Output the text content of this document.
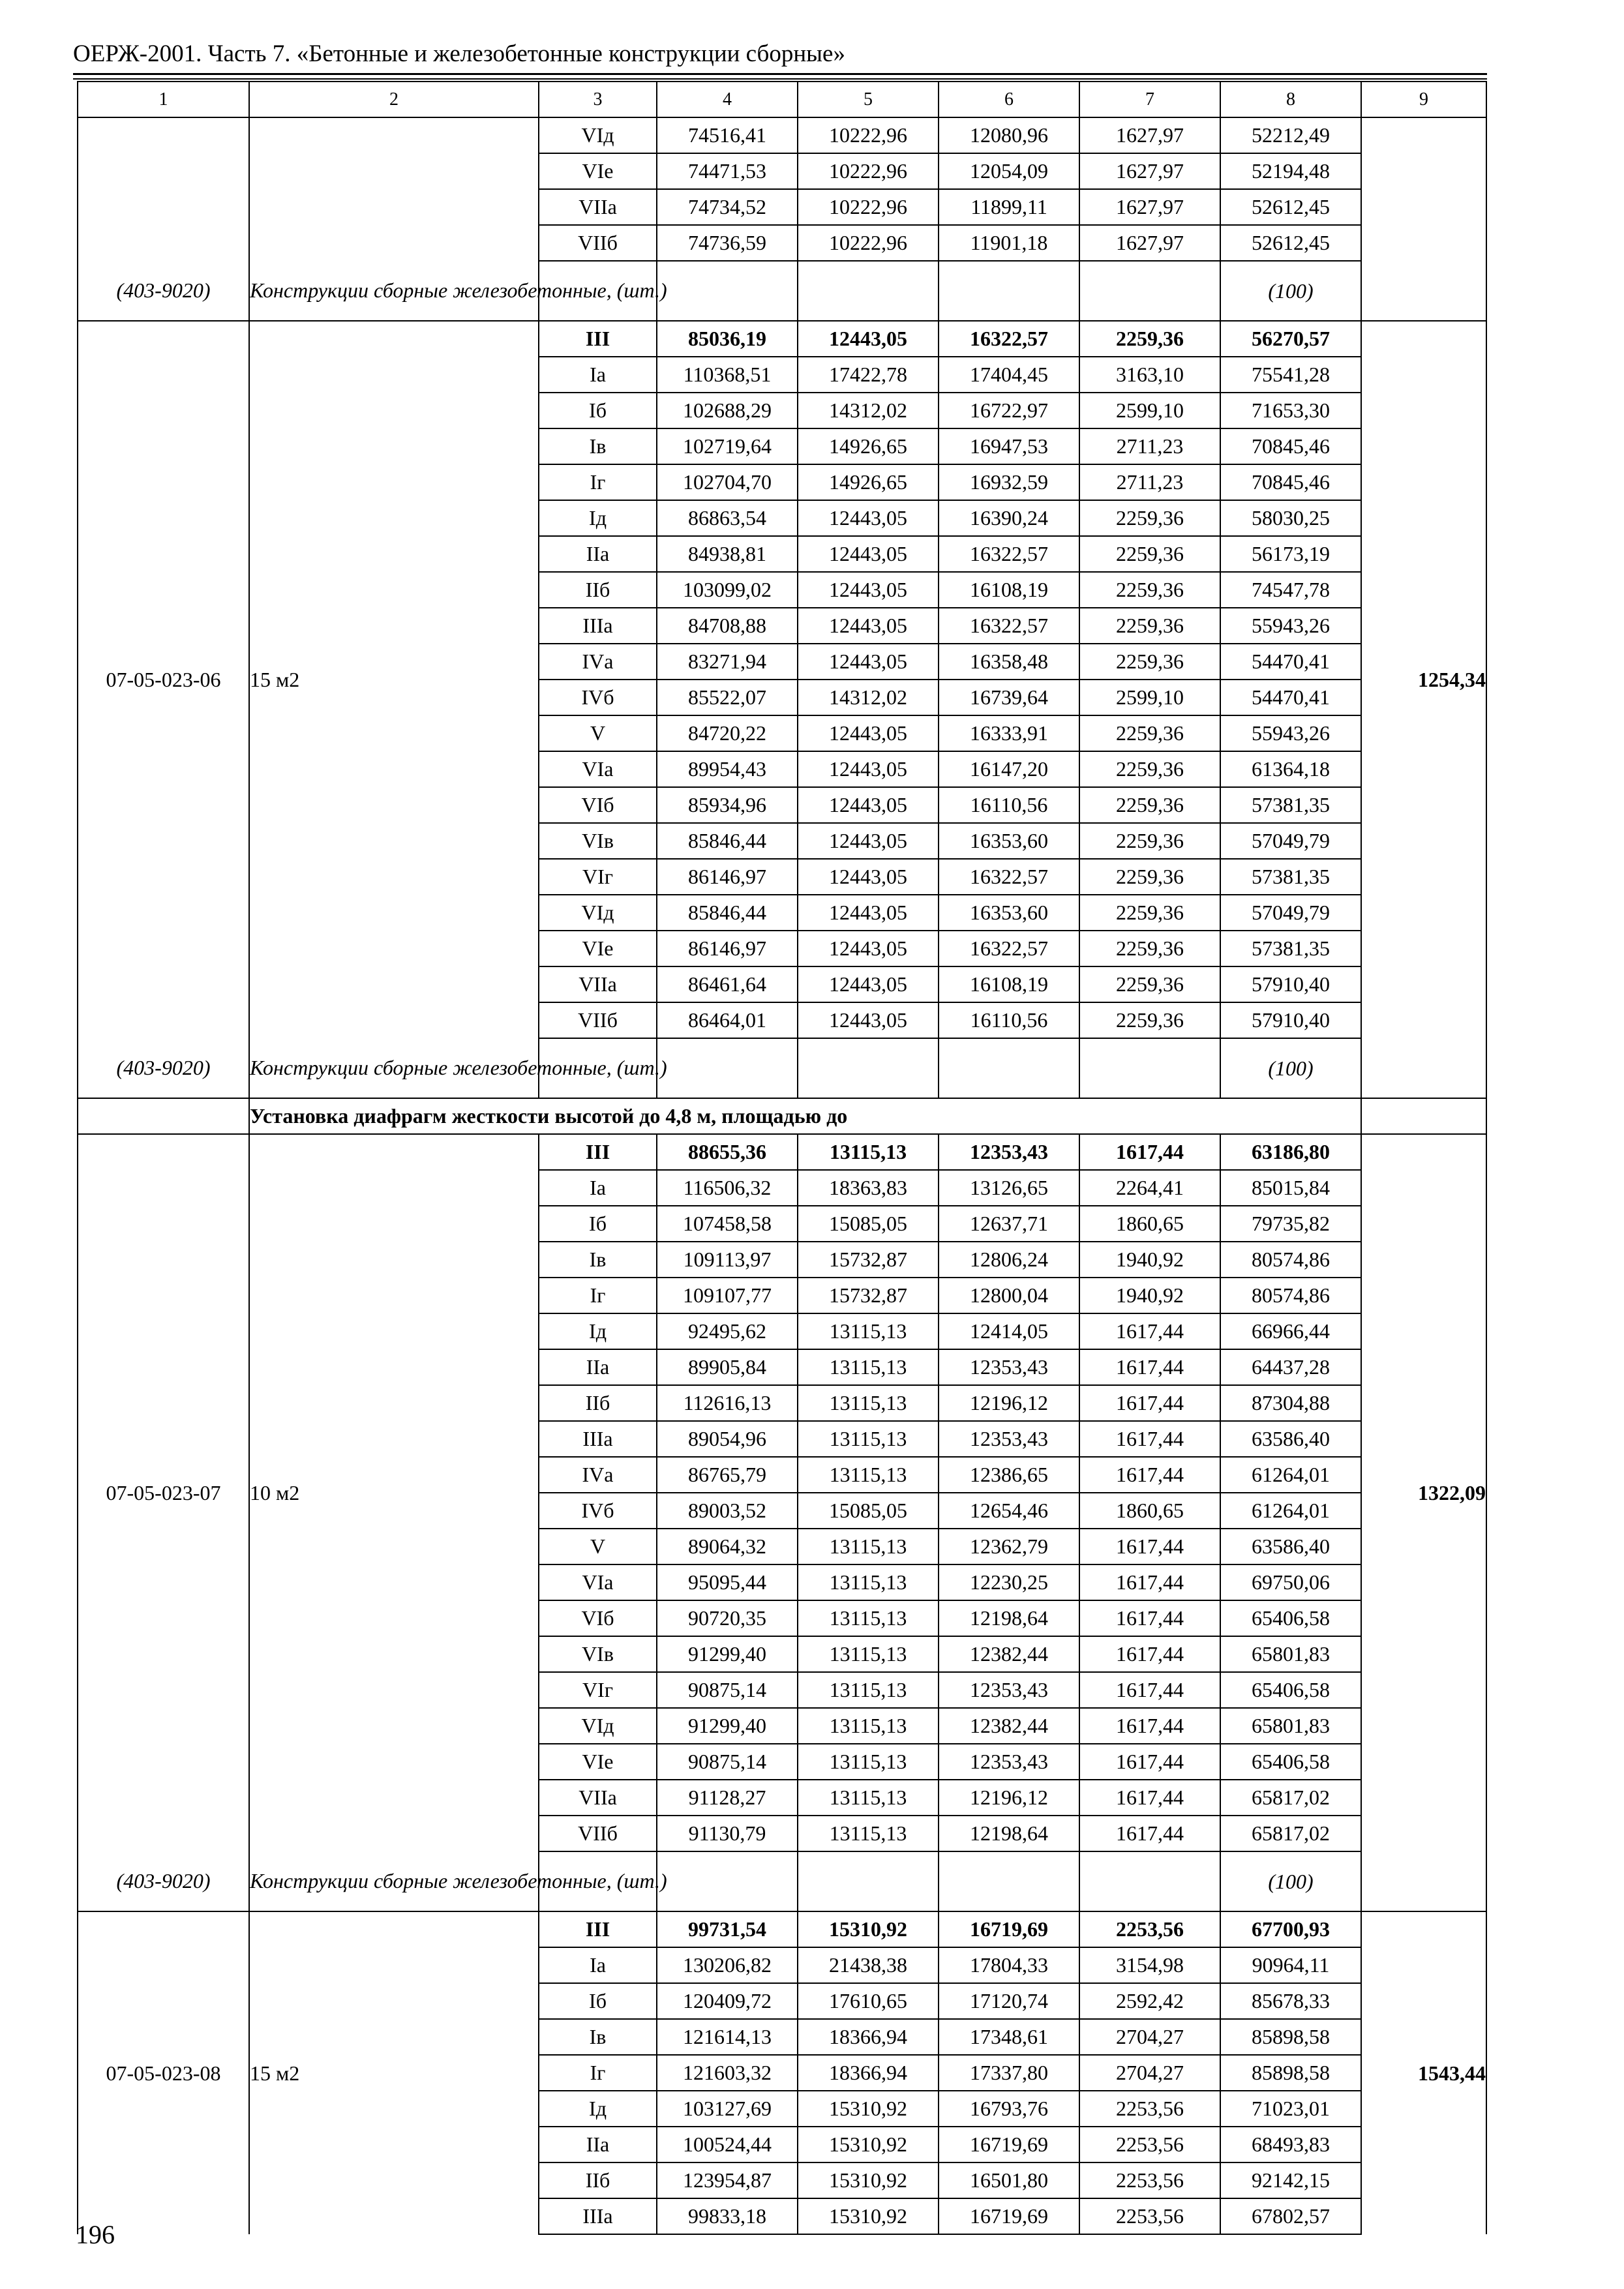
ОЕРЖ-2001. Часть 7. «Бетонные и железобетонные конструкции сборные»
1	2	3	4	5	6	7	8	9
		VIд	74516,41	10222,96	12080,96	1627,97	52212,49	
		VIе	74471,53	10222,96	12054,09	1627,97	52194,48	
		VIIа	74734,52	10222,96	11899,11	1627,97	52612,45	
		VIIб	74736,59	10222,96	11901,18	1627,97	52612,45	
(403-9020)	Конструкции сборные железобетонные, (шт.)						(100)	
07-05-023-06	15 м2	III	85036,19	12443,05	16322,57	2259,36	56270,57	1254,34
		Iа	110368,51	17422,78	17404,45	3163,10	75541,28	
		Iб	102688,29	14312,02	16722,97	2599,10	71653,30	
		Iв	102719,64	14926,65	16947,53	2711,23	70845,46	
		Iг	102704,70	14926,65	16932,59	2711,23	70845,46	
		Iд	86863,54	12443,05	16390,24	2259,36	58030,25	
		IIа	84938,81	12443,05	16322,57	2259,36	56173,19	
		IIб	103099,02	12443,05	16108,19	2259,36	74547,78	
		IIIа	84708,88	12443,05	16322,57	2259,36	55943,26	
		IVа	83271,94	12443,05	16358,48	2259,36	54470,41	
		IVб	85522,07	14312,02	16739,64	2599,10	54470,41	
		V	84720,22	12443,05	16333,91	2259,36	55943,26	
		VIа	89954,43	12443,05	16147,20	2259,36	61364,18	
		VIб	85934,96	12443,05	16110,56	2259,36	57381,35	
		VIв	85846,44	12443,05	16353,60	2259,36	57049,79	
		VIг	86146,97	12443,05	16322,57	2259,36	57381,35	
		VIд	85846,44	12443,05	16353,60	2259,36	57049,79	
		VIе	86146,97	12443,05	16322,57	2259,36	57381,35	
		VIIа	86461,64	12443,05	16108,19	2259,36	57910,40	
		VIIб	86464,01	12443,05	16110,56	2259,36	57910,40	
(403-9020)	Конструкции сборные железобетонные, (шт.)						(100)	
	Установка диафрагм жесткости высотой до 4,8 м, площадью до							
07-05-023-07	10 м2	III	88655,36	13115,13	12353,43	1617,44	63186,80	1322,09
		Iа	116506,32	18363,83	13126,65	2264,41	85015,84	
		Iб	107458,58	15085,05	12637,71	1860,65	79735,82	
		Iв	109113,97	15732,87	12806,24	1940,92	80574,86	
		Iг	109107,77	15732,87	12800,04	1940,92	80574,86	
		Iд	92495,62	13115,13	12414,05	1617,44	66966,44	
		IIа	89905,84	13115,13	12353,43	1617,44	64437,28	
		IIб	112616,13	13115,13	12196,12	1617,44	87304,88	
		IIIа	89054,96	13115,13	12353,43	1617,44	63586,40	
		IVа	86765,79	13115,13	12386,65	1617,44	61264,01	
		IVб	89003,52	15085,05	12654,46	1860,65	61264,01	
		V	89064,32	13115,13	12362,79	1617,44	63586,40	
		VIа	95095,44	13115,13	12230,25	1617,44	69750,06	
		VIб	90720,35	13115,13	12198,64	1617,44	65406,58	
		VIв	91299,40	13115,13	12382,44	1617,44	65801,83	
		VIг	90875,14	13115,13	12353,43	1617,44	65406,58	
		VIд	91299,40	13115,13	12382,44	1617,44	65801,83	
		VIе	90875,14	13115,13	12353,43	1617,44	65406,58	
		VIIа	91128,27	13115,13	12196,12	1617,44	65817,02	
		VIIб	91130,79	13115,13	12198,64	1617,44	65817,02	
(403-9020)	Конструкции сборные железобетонные, (шт.)						(100)	
07-05-023-08	15 м2	III	99731,54	15310,92	16719,69	2253,56	67700,93	1543,44
		Iа	130206,82	21438,38	17804,33	3154,98	90964,11	
		Iб	120409,72	17610,65	17120,74	2592,42	85678,33	
		Iв	121614,13	18366,94	17348,61	2704,27	85898,58	
		Iг	121603,32	18366,94	17337,80	2704,27	85898,58	
		Iд	103127,69	15310,92	16793,76	2253,56	71023,01	
		IIа	100524,44	15310,92	16719,69	2253,56	68493,83	
		IIб	123954,87	15310,92	16501,80	2253,56	92142,15	
		IIIа	99833,18	15310,92	16719,69	2253,56	67802,57	
196
